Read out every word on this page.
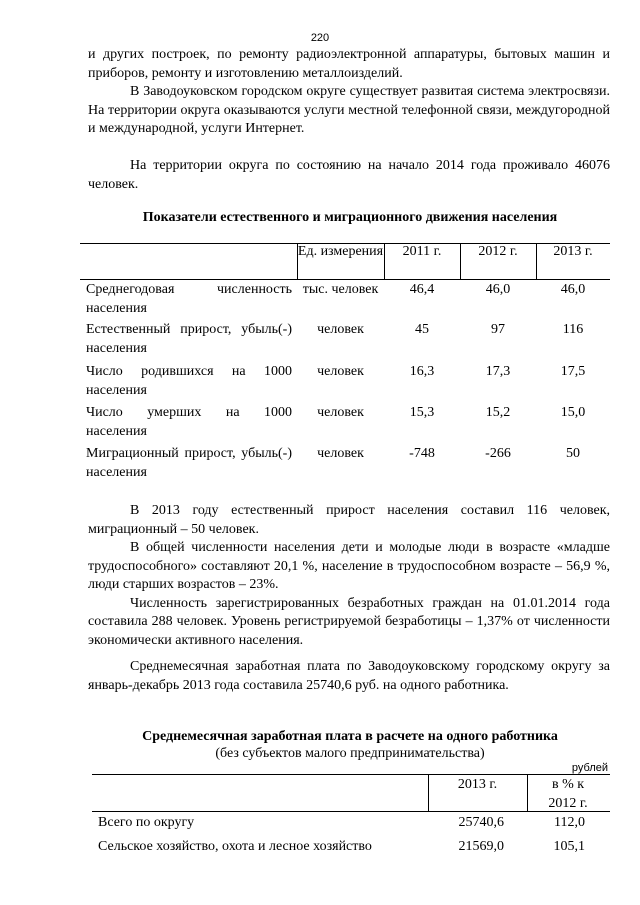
220

и других построек, по ремонту радиоэлектронной аппаратуры, бытовых машин и приборов, ремонту и изготовлению металлоизделий.

В Заводоуковском городском округе существует развитая система электросвязи. На территории округа оказываются услуги местной телефонной связи, междугородной и международной, услуги Интернет.

На территории округа по состоянию на начало 2014 года проживало 46076 человек.

Показатели естественного и миграционного движения населения
Ед. измерения	2011 г.	2012 г.	2013 г.
Среднегодовая численность населения
тыс. человек	46,4	46,0	46,0
Естественный прирост, убыль(-) населения
человек	45	97	116
Число родившихся на 1000 населения
человек	16,3	17,3	17,5
Число умерших на 1000 населения
человек	15,3	15,2	15,0
Миграционный прирост, убыль(-) населения
человек	-748	-266	50

В 2013 году естественный прирост населения составил 116 человек, миграционный – 50 человек.

В общей численности населения дети и молодые люди в возрасте «младше трудоспособного» составляют 20,1 %, население в трудоспособном возрасте – 56,9 %, люди старших возрастов – 23%.

Численность зарегистрированных безработных граждан на 01.01.2014 года составила 288 человек. Уровень регистрируемой безработицы – 1,37% от численности экономически активного населения.

Среднемесячная заработная плата по Заводоуковскому городскому округу за январь-декабрь 2013 года составила 25740,6 руб. на одного работника.

Среднемесячная заработная плата в расчете на одного работника
(без субъектов малого предпринимательства)
рублей
2013 г.	в % к 2012 г.
Всего по округу	25740,6	112,0
Сельское хозяйство, охота и лесное хозяйство	21569,0	105,1
